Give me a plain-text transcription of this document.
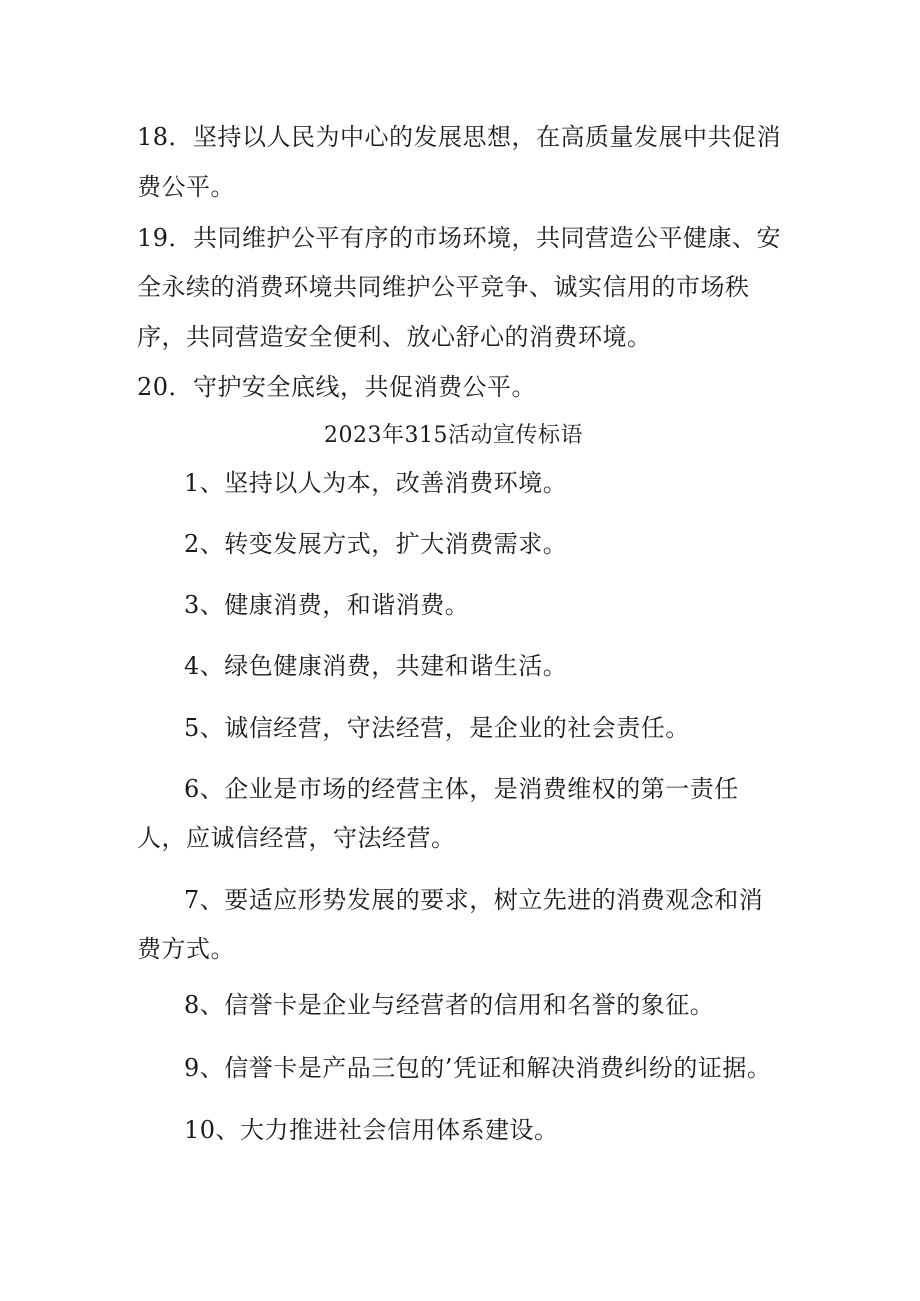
18．坚持以人民为中心的发展思想，在高质量发展中共促消
费公平。
19．共同维护公平有序的市场环境，共同营造公平健康、安
全永续的消费环境共同维护公平竞争、诚实信用的市场秩
序，共同营造安全便利、放心舒心的消费环境。
20．守护安全底线，共促消费公平。
2023年315活动宣传标语
1、坚持以人为本，改善消费环境。
2、转变发展方式，扩大消费需求。
3、健康消费，和谐消费。
4、绿色健康消费，共建和谐生活。
5、诚信经营，守法经营，是企业的社会责任。
6、企业是市场的经营主体，是消费维权的第一责任
人，应诚信经营，守法经营。
7、要适应形势发展的要求，树立先进的消费观念和消
费方式。
8、信誉卡是企业与经营者的信用和名誉的象征。
9、信誉卡是产品三包的’凭证和解决消费纠纷的证据。
10、大力推进社会信用体系建设。
